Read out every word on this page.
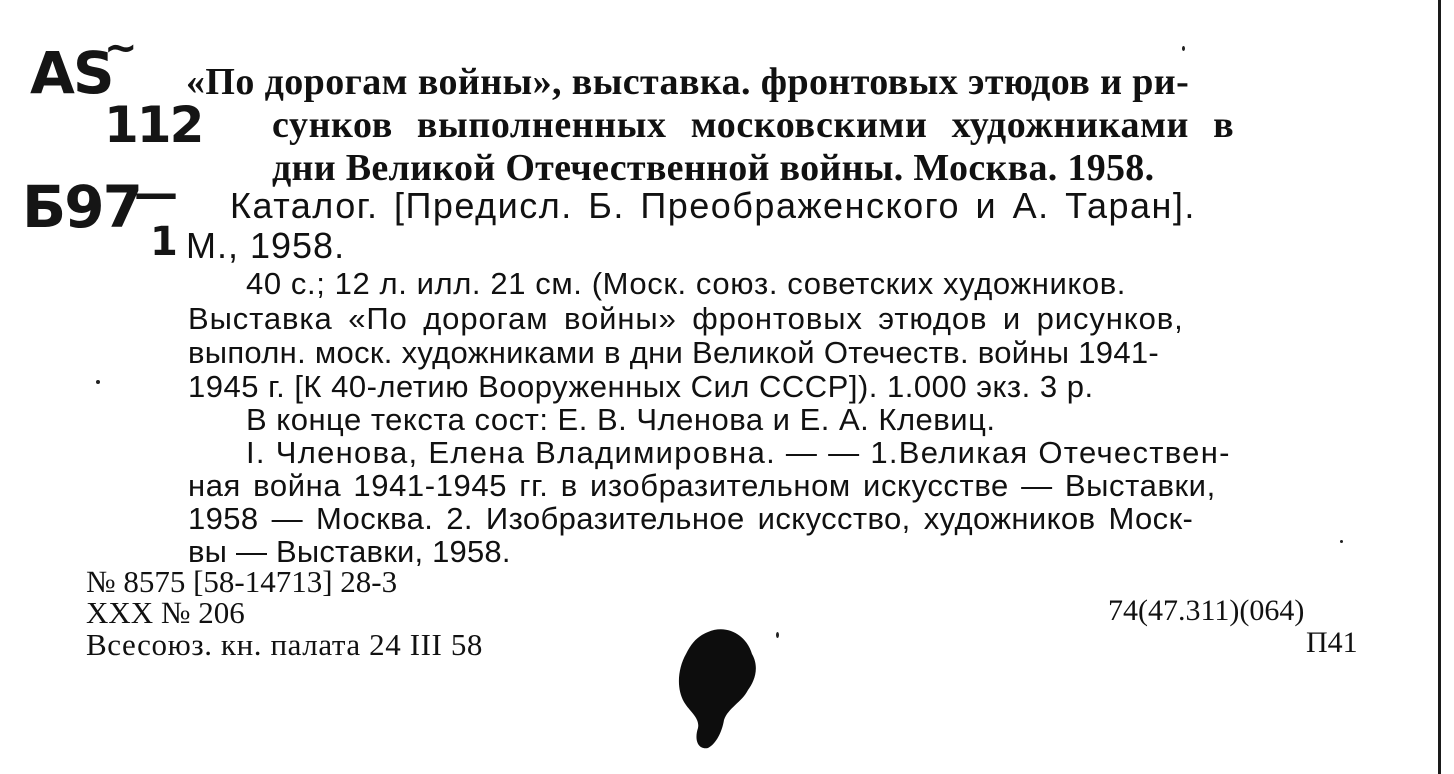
AS
~
112
Б97
—
1
«По дорогам войны», выставка. фронтовых этюдов и ри-
сунков выполненных московскими художниками в
дни Великой Отечественной войны. Москва. 1958.
Каталог. [Предисл. Б. Преображенского и А. Таран].
М., 1958.
40 с.; 12 л. илл. 21 см. (Моск. союз. советских художников.
Выставка «По дорогам войны» фронтовых этюдов и рисунков,
выполн. моск. художниками в дни Великой Отечеств. войны 1941-
1945 г. [К 40-летию Вооруженных Сил СССР]). 1.000 экз. 3 р.
В конце текста сост: Е. В. Членова и Е. А. Клевиц.
I. Членова, Елена Владимировна. — — 1.Великая Отечествен-
ная война 1941-1945 гг. в изобразительном искусстве — Выставки,
1958 — Москва. 2. Изобразительное искусство, художников Моск-
вы — Выставки, 1958.
№ 8575 [58-14713] 28-3
XXX № 206
Всесоюз. кн. палата 24 III 58
74(47.311)(064)
П41
